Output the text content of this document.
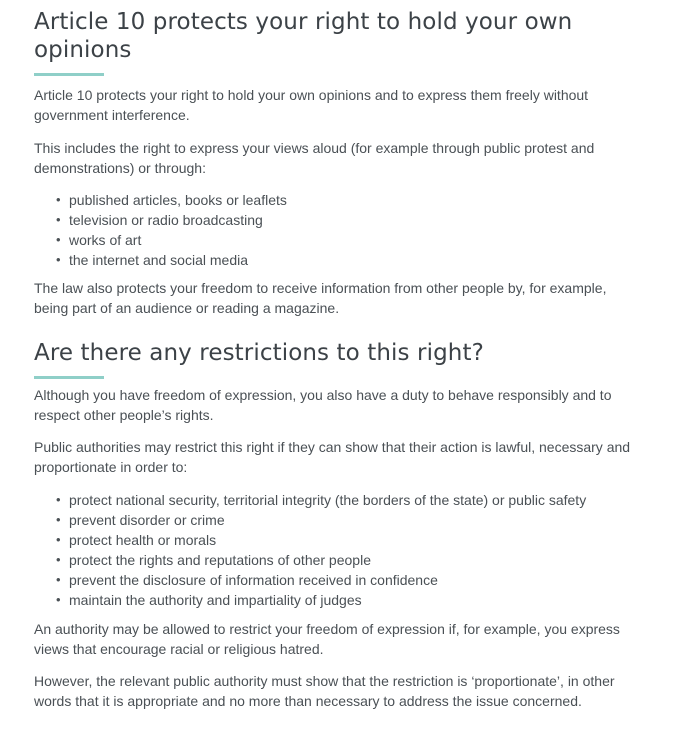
Article 10 protects your right to hold your own opinions

Article 10 protects your right to hold your own opinions and to express them freely without government interference.

This includes the right to express your views aloud (for example through public protest and demonstrations) or through:

• published articles, books or leaflets
• television or radio broadcasting
• works of art
• the internet and social media

The law also protects your freedom to receive information from other people by, for example, being part of an audience or reading a magazine.

Are there any restrictions to this right?

Although you have freedom of expression, you also have a duty to behave responsibly and to respect other people’s rights.

Public authorities may restrict this right if they can show that their action is lawful, necessary and proportionate in order to:

• protect national security, territorial integrity (the borders of the state) or public safety
• prevent disorder or crime
• protect health or morals
• protect the rights and reputations of other people
• prevent the disclosure of information received in confidence
• maintain the authority and impartiality of judges

An authority may be allowed to restrict your freedom of expression if, for example, you express views that encourage racial or religious hatred.

However, the relevant public authority must show that the restriction is ‘proportionate’, in other words that it is appropriate and no more than necessary to address the issue concerned.
